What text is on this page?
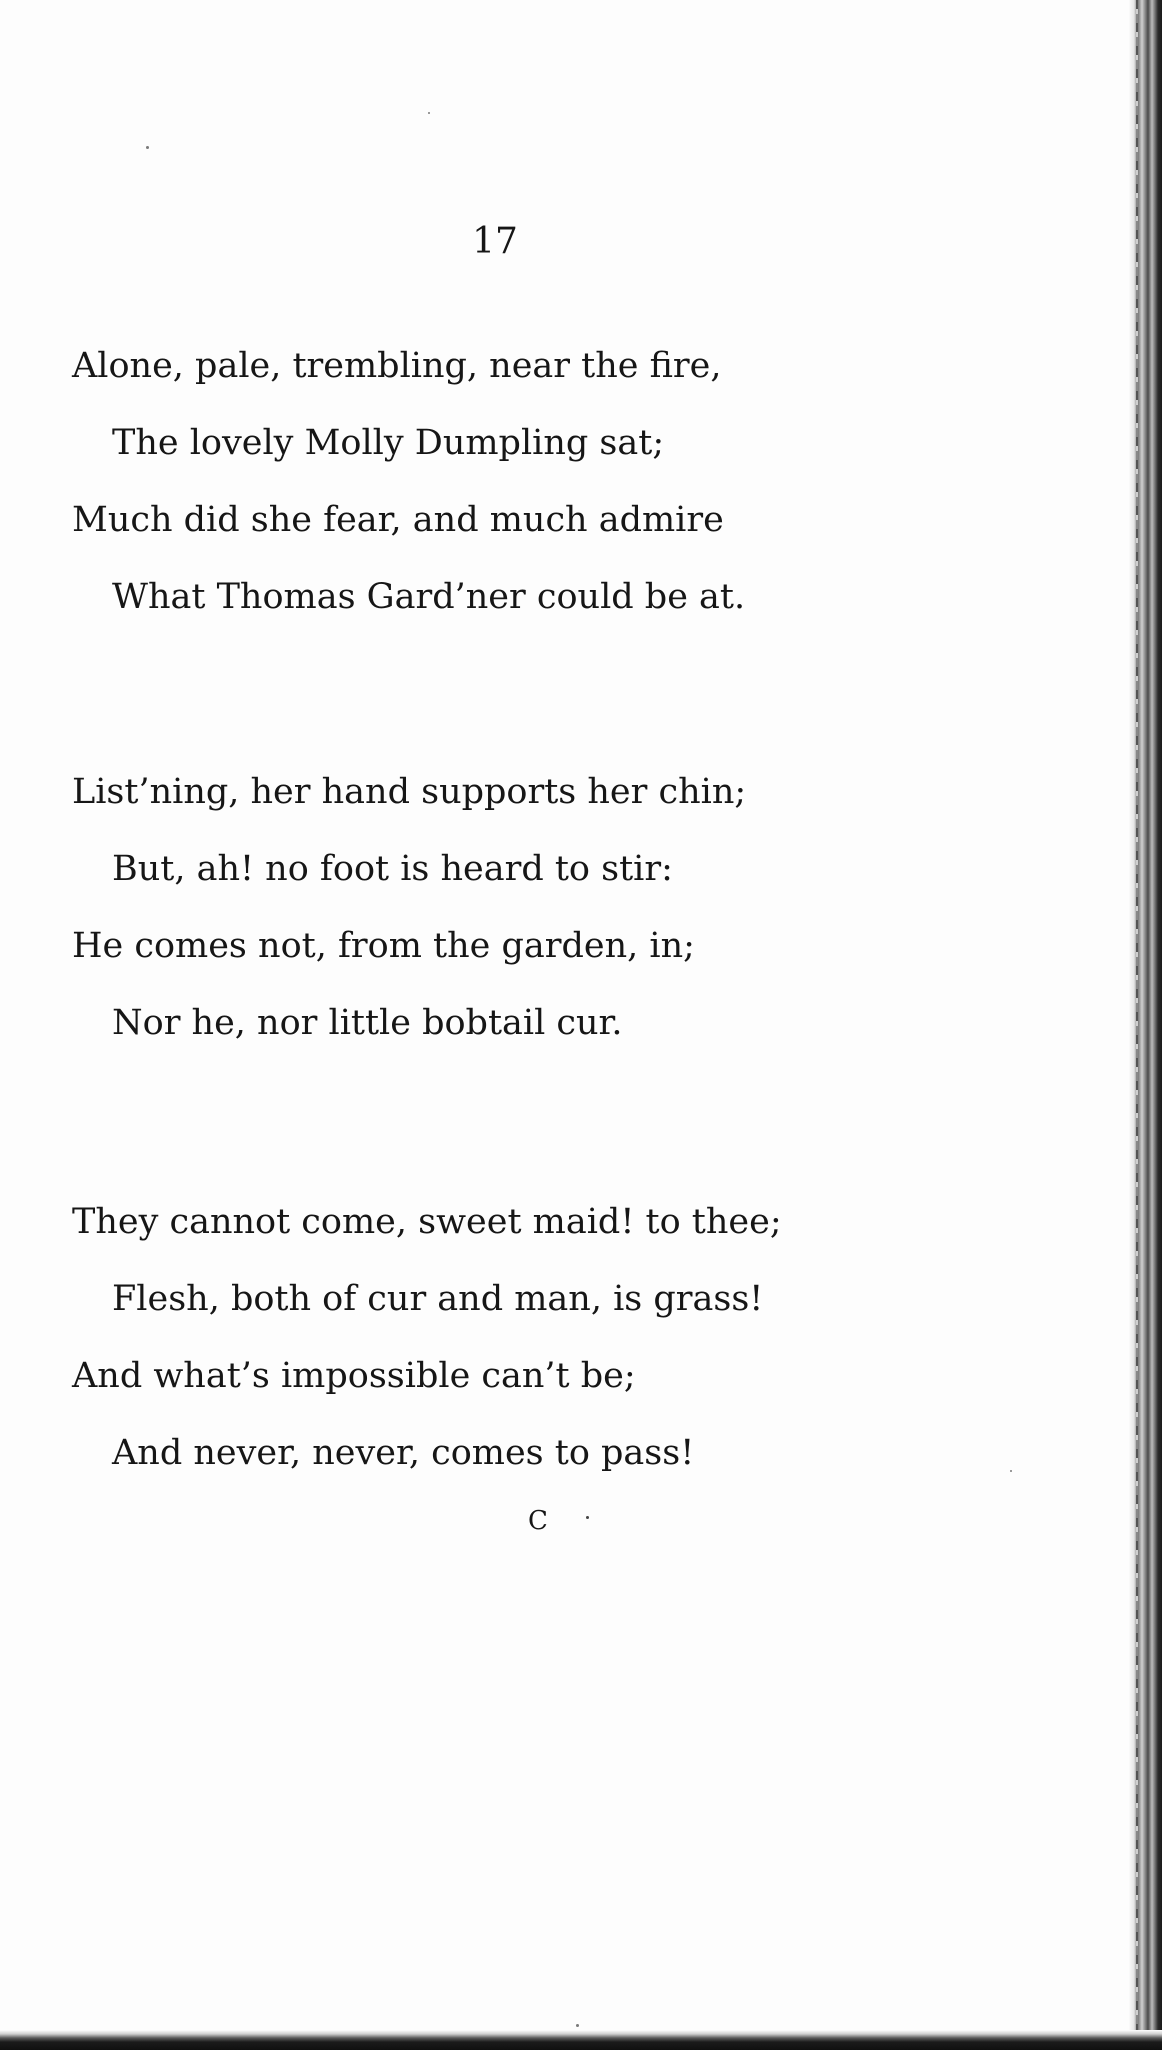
17
Alone, pale, trembling, near the fire,
The lovely Molly Dumpling sat;
Much did she fear, and much admire
What Thomas Gard’ner could be at.
List’ning, her hand supports her chin;
But, ah! no foot is heard to stir:
He comes not, from the garden, in;
Nor he, nor little bobtail cur.
They cannot come, sweet maid! to thee;
Flesh, both of cur and man, is grass!
And what’s impossible can’t be;
And never, never, comes to pass!
C
